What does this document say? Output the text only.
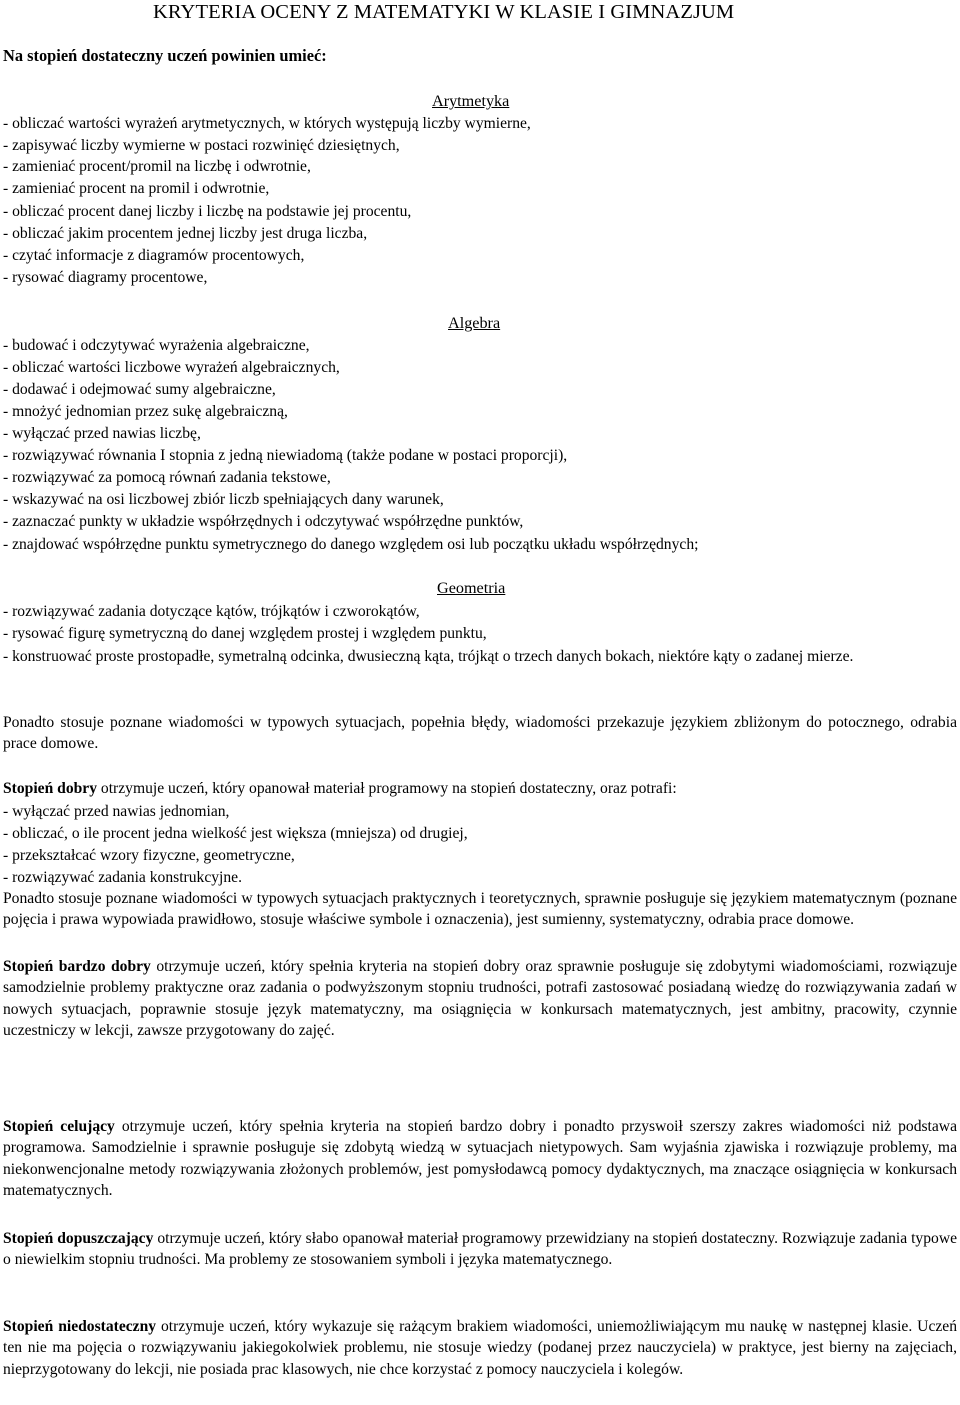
KRYTERIA OCENY Z MATEMATYKI W KLASIE I GIMNAZJUM
Na stopień dostateczny uczeń powinien umieć:
Arytmetyka
- obliczać wartości wyrażeń arytmetycznych, w których występują liczby wymierne,
- zapisywać liczby wymierne w postaci rozwinięć dziesiętnych,
- zamieniać procent/promil na liczbę i odwrotnie,
- zamieniać procent na promil i odwrotnie,
- obliczać procent danej liczby i liczbę na podstawie jej procentu,
- obliczać jakim procentem jednej liczby jest druga liczba,
- czytać informacje z diagramów procentowych,
- rysować diagramy procentowe,
Algebra
- budować i odczytywać wyrażenia algebraiczne,
- obliczać wartości liczbowe wyrażeń algebraicznych,
- dodawać i odejmować sumy algebraiczne,
- mnożyć jednomian przez sukę algebraiczną,
- wyłączać przed nawias liczbę,
- rozwiązywać równania I stopnia z jedną niewiadomą (także podane w postaci proporcji),
- rozwiązywać za pomocą równań zadania tekstowe,
- wskazywać na osi liczbowej zbiór liczb spełniających dany warunek,
- zaznaczać punkty w układzie współrzędnych i odczytywać współrzędne punktów,
- znajdować współrzędne punktu symetrycznego do danego względem osi lub początku układu współrzędnych;
Geometria
- rozwiązywać zadania dotyczące kątów, trójkątów i czworokątów,
- rysować figurę symetryczną do danej względem prostej i względem punktu,
- konstruować proste prostopadłe, symetralną odcinka, dwusieczną kąta, trójkąt o trzech danych bokach, niektóre kąty o zadanej mierze.
Ponadto stosuje poznane wiadomości w typowych sytuacjach, popełnia błędy, wiadomości przekazuje językiem zbliżonym do potocznego, odrabia prace domowe.
Stopień dobry otrzymuje uczeń, który opanował materiał programowy na stopień dostateczny, oraz potrafi:
- wyłączać przed nawias jednomian,
- obliczać, o ile procent jedna wielkość jest większa (mniejsza) od drugiej,
- przekształcać wzory fizyczne, geometryczne,
- rozwiązywać zadania konstrukcyjne.
Ponadto stosuje poznane wiadomości w typowych sytuacjach praktycznych i teoretycznych, sprawnie posługuje się językiem matematycznym (poznane pojęcia i prawa wypowiada prawidłowo, stosuje właściwe symbole i oznaczenia), jest sumienny, systematyczny, odrabia prace domowe.
Stopień bardzo dobry otrzymuje uczeń, który spełnia kryteria na stopień dobry oraz sprawnie posługuje się zdobytymi wiadomościami, rozwiązuje samodzielnie problemy praktyczne oraz zadania o podwyższonym stopniu trudności, potrafi zastosować posiadaną wiedzę do rozwiązywania zadań w nowych sytuacjach, poprawnie stosuje język matematyczny, ma osiągnięcia w konkursach matematycznych, jest ambitny, pracowity, czynnie uczestniczy w lekcji, zawsze przygotowany do zajęć.
Stopień celujący otrzymuje uczeń, który spełnia kryteria na stopień bardzo dobry i ponadto przyswoił szerszy zakres wiadomości niż podstawa programowa. Samodzielnie i sprawnie posługuje się zdobytą wiedzą w sytuacjach nietypowych. Sam wyjaśnia zjawiska i rozwiązuje problemy, ma niekonwencjonalne metody rozwiązywania złożonych problemów, jest pomysłodawcą pomocy dydaktycznych, ma znaczące osiągnięcia w konkursach matematycznych.
Stopień dopuszczający otrzymuje uczeń, który słabo opanował materiał programowy przewidziany na stopień dostateczny. Rozwiązuje zadania typowe o niewielkim stopniu trudności. Ma problemy ze stosowaniem symboli i języka matematycznego.
Stopień niedostateczny otrzymuje uczeń, który wykazuje się rażącym brakiem wiadomości, uniemożliwiającym mu naukę w następnej klasie. Uczeń ten nie ma pojęcia o rozwiązywaniu jakiegokolwiek problemu, nie stosuje wiedzy (podanej przez nauczyciela) w praktyce, jest bierny na zajęciach, nieprzygotowany do lekcji, nie posiada prac klasowych, nie chce korzystać z pomocy nauczyciela i kolegów.
